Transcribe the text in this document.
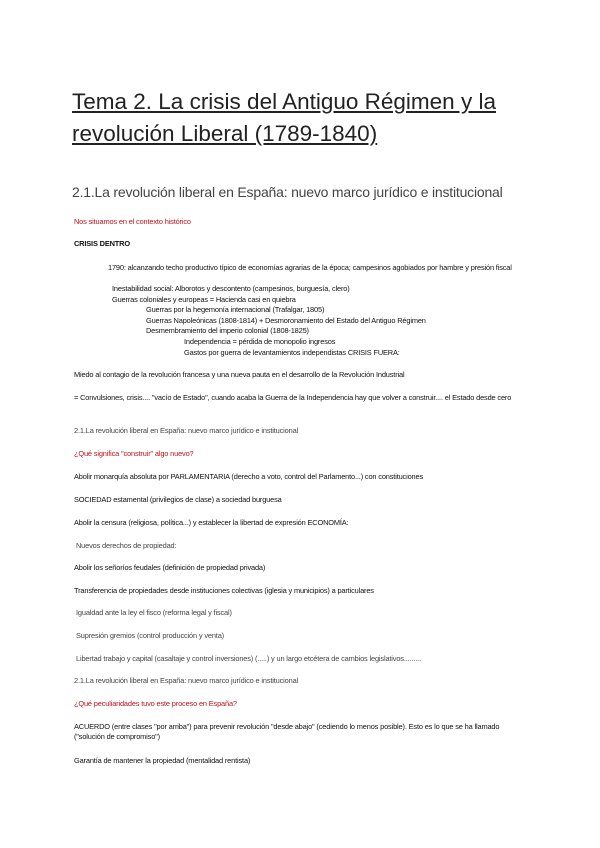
Tema 2. La crisis del Antiguo Régimen y la revolución Liberal (1789-1840)
2.1.La revolución liberal en España: nuevo marco jurídico e institucional
Nos situamos en el contexto histórico
CRISIS DENTRO
1790: alcanzando techo productivo típico de economías agrarias de la época; campesinos agobiados por hambre y presión fiscal
Inestabilidad social: Alborotos y descontento (campesinos, burguesía, clero)
Guerras coloniales y europeas = Hacienda casi en quiebra
Guerras por la hegemonía internacional (Trafalgar, 1805)
Guerras Napoleónicas (1808-1814) + Desmoronamiento del Estado del Antiguo Régimen
Desmembramiento del imperio colonial (1808-1825)
Independencia = pérdida de monopolio ingresos
Gastos por guerra de levantamientos independistas CRISIS FUERA:
Miedo al contagio de la revolución francesa y una nueva pauta en el desarrollo de la Revolución Industrial
= Convulsiones, crisis.... "vacío de Estado", cuando acaba la Guerra de la Independencia hay que volver a construir.... el Estado desde cero
2.1.La revolución liberal en España: nuevo marco jurídico e institucional
¿Qué significa "construir" algo nuevo?
Abolir monarquía absoluta por PARLAMENTARIA (derecho a voto, control del Parlamento...) con constituciones
SOCIEDAD estamental (privilegios de clase) a sociedad burguesa
Abolir la censura (religiosa, política...) y establecer la libertad de expresión ECONOMÍA:
Nuevos derechos de propiedad:
Abolir los señoríos feudales (definición de propiedad privada)
Transferencia de propiedades desde instituciones colectivas (iglesia y municipios) a particulares
Igualdad ante la ley el fisco (reforma legal y fiscal)
Supresión gremios (control producción y venta)
Libertad trabajo y capital (casaltaje y control inversiones) (.....) y un largo etcétera de cambios legislativos.........
2.1.La revolución liberal en España: nuevo marco jurídico e institucional
¿Qué peculiaridades tuvo este proceso en España?
ACUERDO (entre clases "por arriba") para prevenir revolución "desde abajo" (cediendo lo menos posible). Esto es lo que se ha llamado ("solución de compromiso")
Garantía de mantener la propiedad (mentalidad rentista)
